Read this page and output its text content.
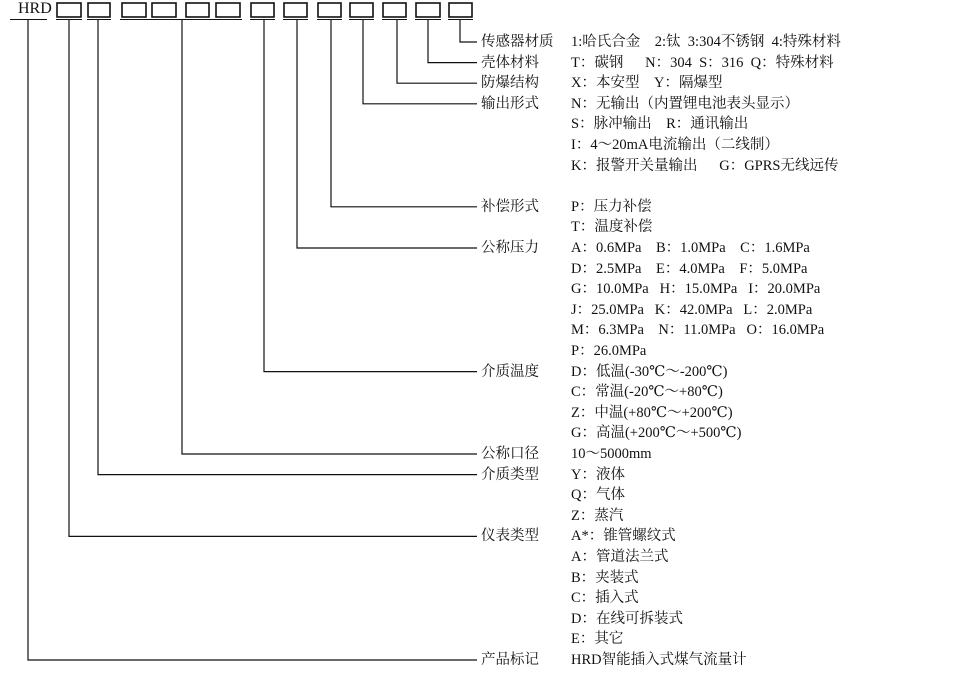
HRD
传感器材质 1:哈氏合金    2:钛  3:304不锈钢  4:特殊材料
壳体材料 T：碳钢      N：304  S：316  Q：特殊材料
防爆结构 X：本安型    Y：隔爆型
输出形式 N：无输出（内置锂电池表头显示）
S：脉冲输出    R：通讯输出
I：4～20mA电流输出（二线制）
K：报警开关量输出      G：GPRS无线远传
补偿形式 P：压力补偿
T：温度补偿
公称压力 A：0.6MPa    B：1.0MPa    C：1.6MPa
D：2.5MPa    E：4.0MPa    F：5.0MPa
G：10.0MPa   H：15.0MPa   I：20.0MPa
J：25.0MPa   K：42.0MPa   L：2.0MPa
M：6.3MPa    N：11.0MPa   O：16.0MPa
P：26.0MPa
介质温度 D：低温(-30℃～-200℃)
C：常温(-20℃～+80℃)
Z：中温(+80℃～+200℃)
G：高温(+200℃～+500℃)
公称口径 10～5000mm
介质类型 Y：液体
Q：气体
Z：蒸汽
仪表类型 A*：锥管螺纹式
A：管道法兰式
B：夹装式
C：插入式
D：在线可拆装式
E：其它
产品标记 HRD智能插入式煤气流量计
